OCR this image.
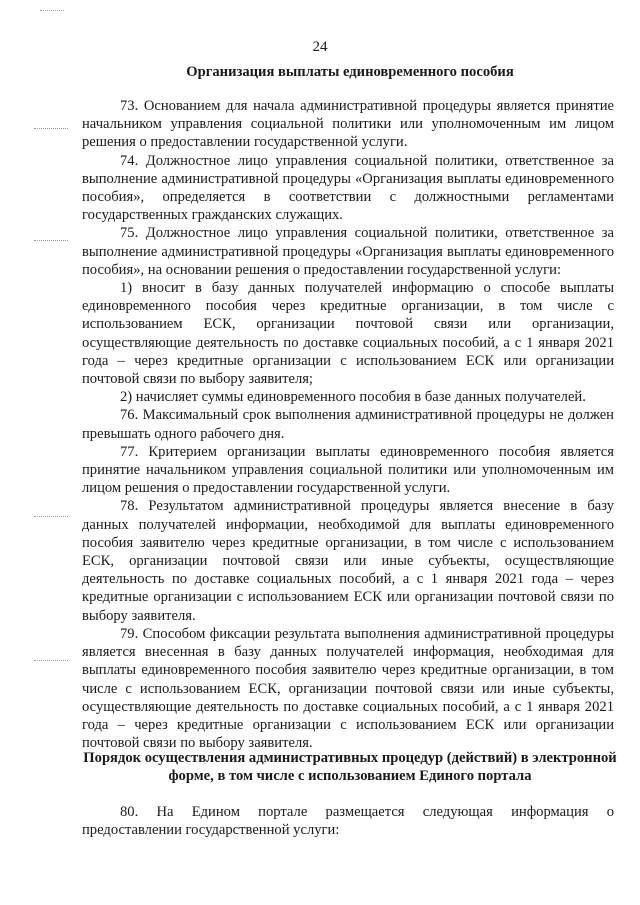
24
Организация выплаты единовременного пособия

73. Основанием для начала административной процедуры является принятие начальником управления социальной политики или уполномоченным им лицом решения о предоставлении государственной услуги.

74. Должностное лицо управления социальной политики, ответственное за выполнение административной процедуры «Организация выплаты единовременного пособия», определяется в соответствии с должностными регламентами государственных гражданских служащих.

75. Должностное лицо управления социальной политики, ответственное за выполнение административной процедуры «Организация выплаты единовременного пособия», на основании решения о предоставлении государственной услуги:

1) вносит в базу данных получателей информацию о способе выплаты единовременного пособия через кредитные организации, в том числе с использованием ЕСК, организации почтовой связи или организации, осуществляющие деятельность по доставке социальных пособий, а с 1 января 2021 года – через кредитные организации с использованием ЕСК или организации почтовой связи по выбору заявителя;

2) начисляет суммы единовременного пособия в базе данных получателей.

76. Максимальный срок выполнения административной процедуры не должен превышать одного рабочего дня.

77. Критерием организации выплаты единовременного пособия является принятие начальником управления социальной политики или уполномоченным им лицом решения о предоставлении государственной услуги.

78. Результатом административной процедуры является внесение в базу данных получателей информации, необходимой для выплаты единовременного пособия заявителю через кредитные организации, в том числе с использованием ЕСК, организации почтовой связи или иные субъекты, осуществляющие деятельность по доставке социальных пособий, а с 1 января 2021 года – через кредитные организации с использованием ЕСК или организации почтовой связи по выбору заявителя.

79. Способом фиксации результата выполнения административной процедуры является внесенная в базу данных получателей информация, необходимая для выплаты единовременного пособия заявителю через кредитные организации, в том числе с использованием ЕСК, организации почтовой связи или иные субъекты, осуществляющие деятельность по доставке социальных пособий, а с 1 января 2021 года – через кредитные организации с использованием ЕСК или организации почтовой связи по выбору заявителя.

Порядок осуществления административных процедур (действий) в электронной
форме, в том числе с использованием Единого портала

80. На Едином портале размещается следующая информация о предоставлении государственной услуги:
